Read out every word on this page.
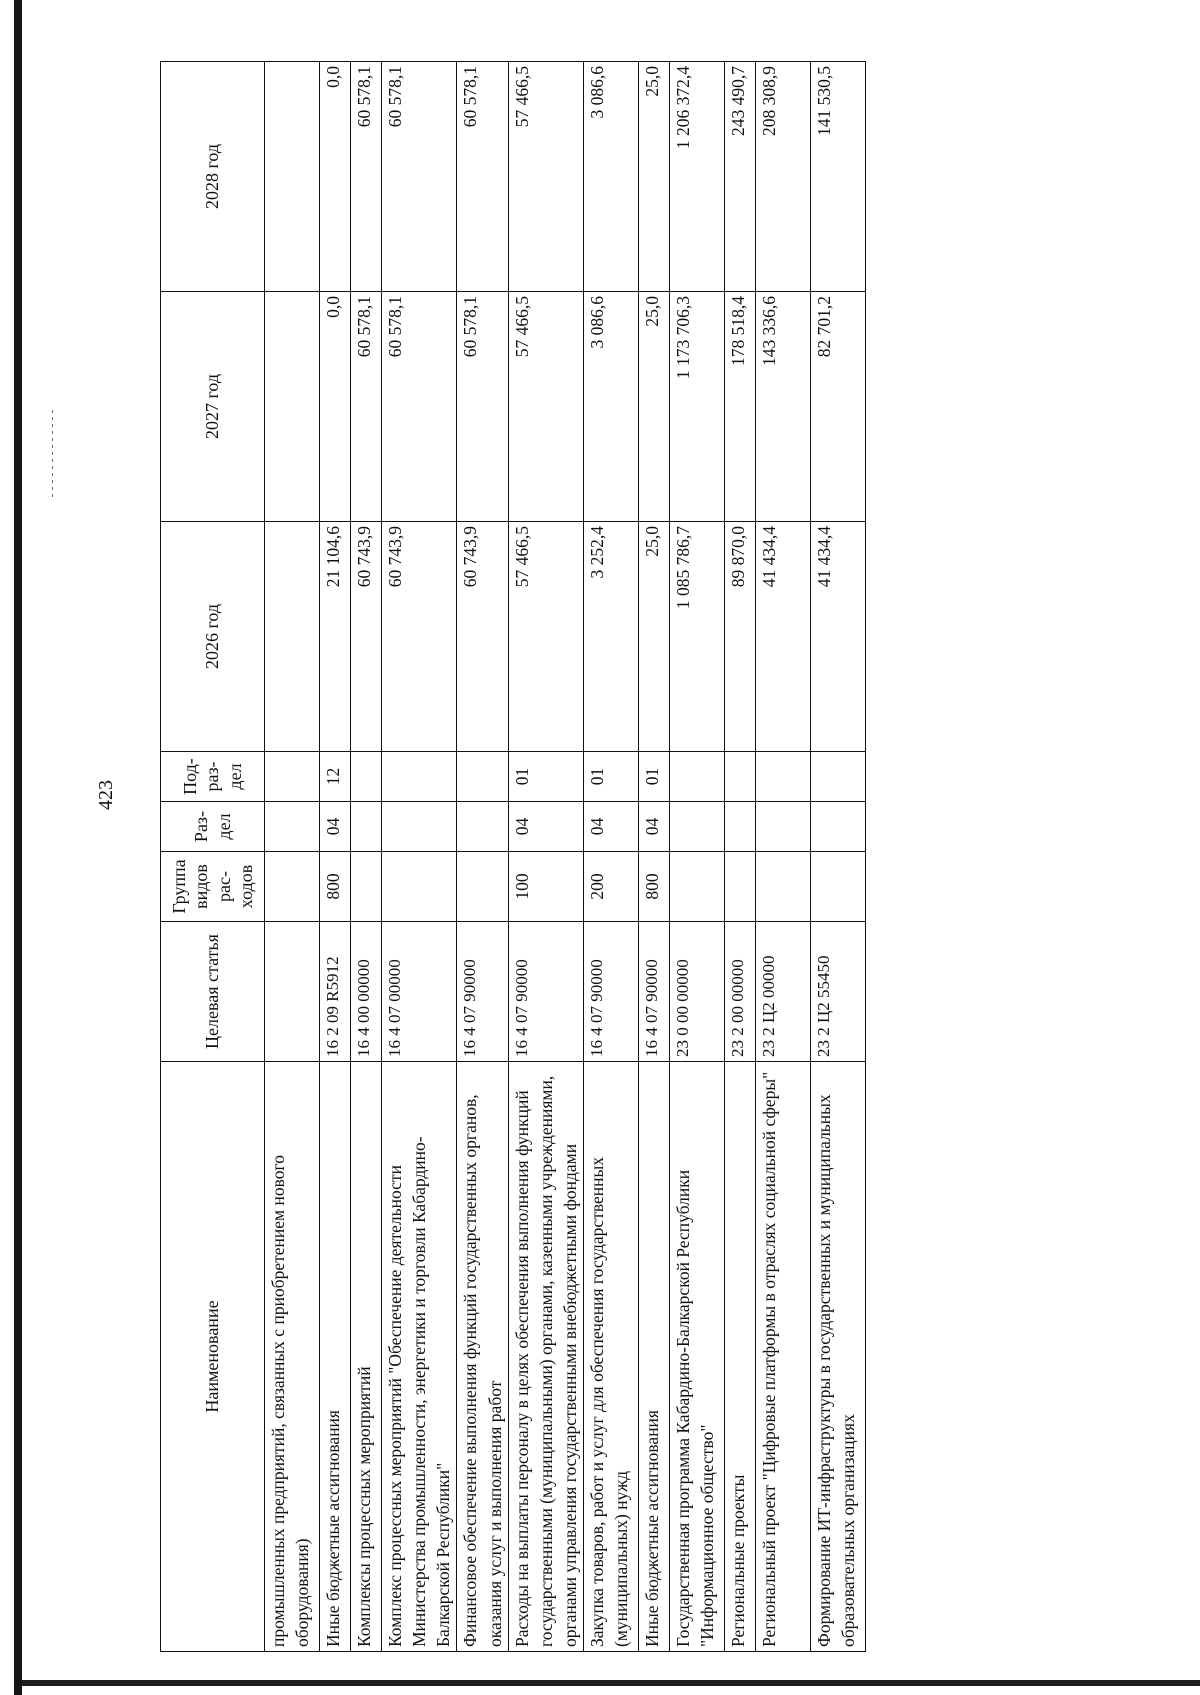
423
Наименование	Целевая статья	Группа видов рас-ходов	Раз-дел	Под-раз-дел	2026 год	2027 год	2028 год
промышленных предприятий, связанных с приобретением нового оборудования)							
Иные бюджетные ассигнования	16 2 09 R5912	800	04	12	21 104,6	0,0	0,0
Комплексы процессных мероприятий	16 4 00 00000				60 743,9	60 578,1	60 578,1
Комплекс процессных мероприятий "Обеспечение деятельности Министерства промышленности, энергетики и торговли Кабардино-Балкарской Республики"	16 4 07 00000				60 743,9	60 578,1	60 578,1
Финансовое обеспечение выполнения функций государственных органов, оказания услуг и выполнения работ	16 4 07 90000				60 743,9	60 578,1	60 578,1
Расходы на выплаты персоналу в целях обеспечения выполнения функций государственными (муниципальными) органами, казенными учреждениями, органами управления государственными внебюджетными фондами	16 4 07 90000	100	04	01	57 466,5	57 466,5	57 466,5
Закупка товаров, работ и услуг для обеспечения государственных (муниципальных) нужд	16 4 07 90000	200	04	01	3 252,4	3 086,6	3 086,6
Иные бюджетные ассигнования	16 4 07 90000	800	04	01	25,0	25,0	25,0
Государственная программа Кабардино-Балкарской Республики "Информационное общество"	23 0 00 00000				1 085 786,7	1 173 706,3	1 206 372,4
Региональные проекты	23 2 00 00000				89 870,0	178 518,4	243 490,7
Региональный проект "Цифровые платформы в отраслях социальной сферы"	23 2 Ц2 00000				41 434,4	143 336,6	208 308,9
Формирование ИТ-инфраструктуры в государственных и муниципальных образовательных организациях	23 2 Ц2 55450				41 434,4	82 701,2	141 530,5
